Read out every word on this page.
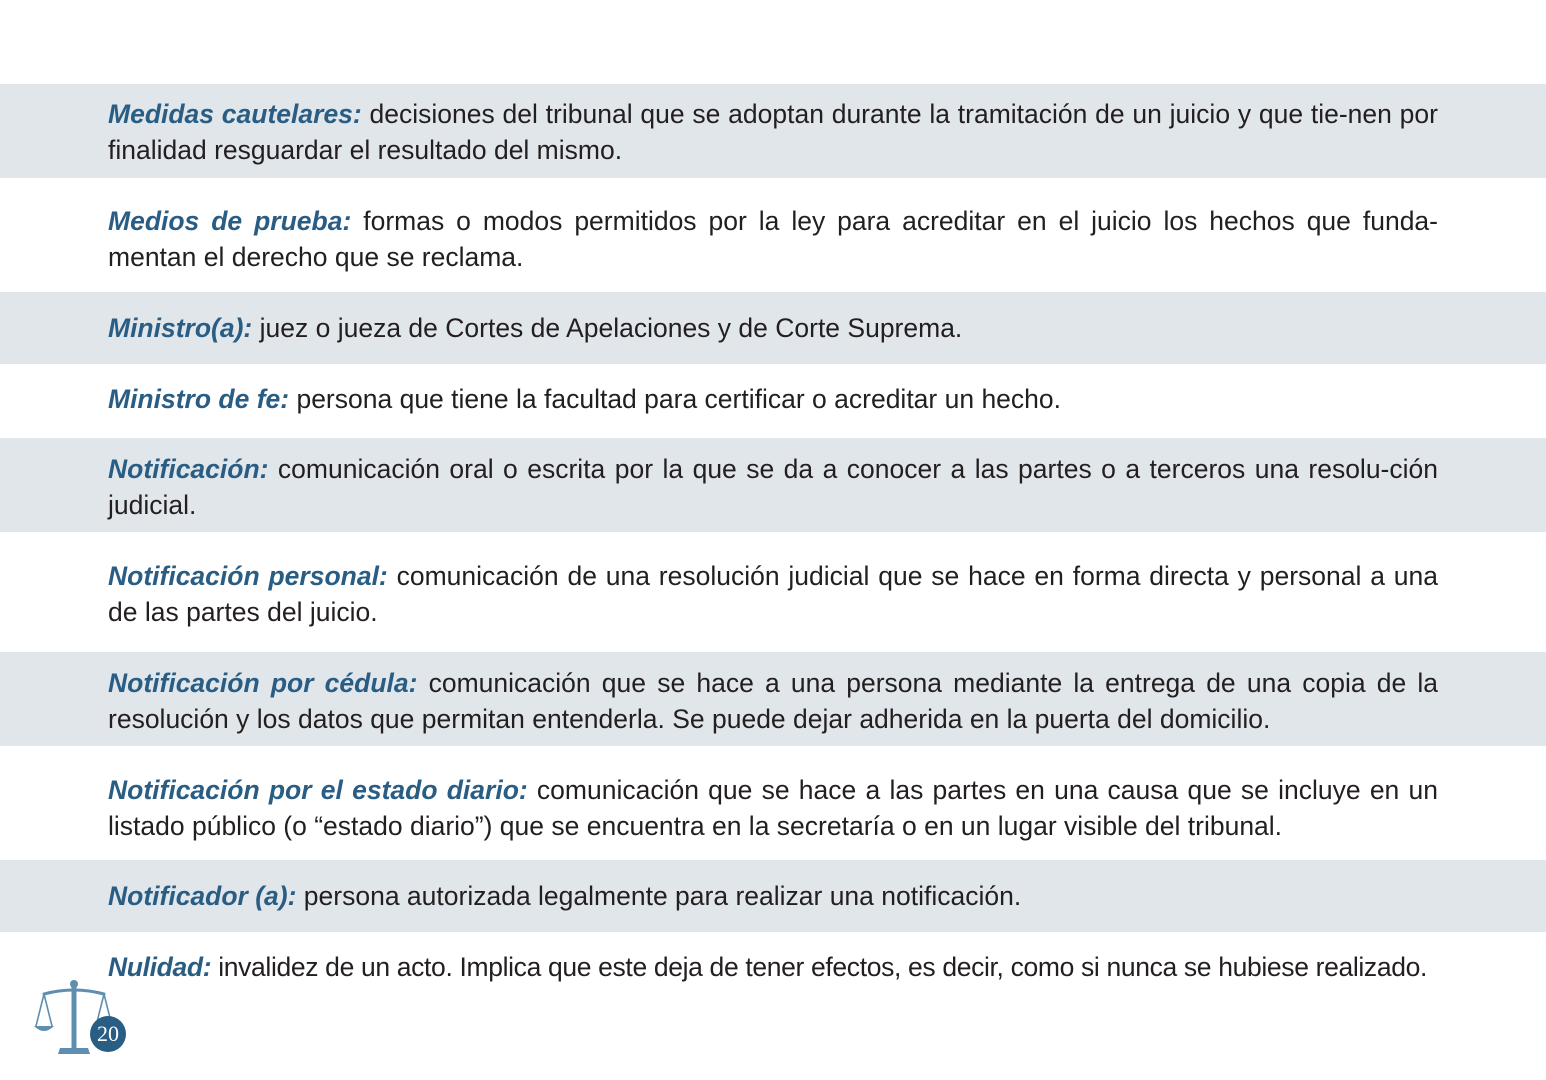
Medidas cautelares: decisiones del tribunal que se adoptan durante la tramitación de un juicio y que tie-nen por finalidad resguardar el resultado del mismo.

Medios de prueba: formas o modos permitidos por la ley para acreditar en el juicio los hechos que funda-mentan el derecho que se reclama.

Ministro(a): juez o jueza de Cortes de Apelaciones y de Corte Suprema.

Ministro de fe: persona que tiene la facultad para certificar o acreditar un hecho.

Notificación: comunicación oral o escrita por la que se da a conocer a las partes o a terceros una resolu-ción judicial.

Notificación personal: comunicación de una resolución judicial que se hace en forma directa y personal a una de las partes del juicio.

Notificación por cédula: comunicación que se hace a una persona mediante la entrega de una copia de la resolución y los datos que permitan entenderla. Se puede dejar adherida en la puerta del domicilio.

Notificación por el estado diario: comunicación que se hace a las partes en una causa que se incluye en un listado público (o “estado diario”) que se encuentra en la secretaría o en un lugar visible del tribunal.

Notificador (a): persona autorizada legalmente para realizar una notificación.

Nulidad: invalidez de un acto. Implica que este deja de tener efectos, es decir, como si nunca se hubiese realizado.

20
